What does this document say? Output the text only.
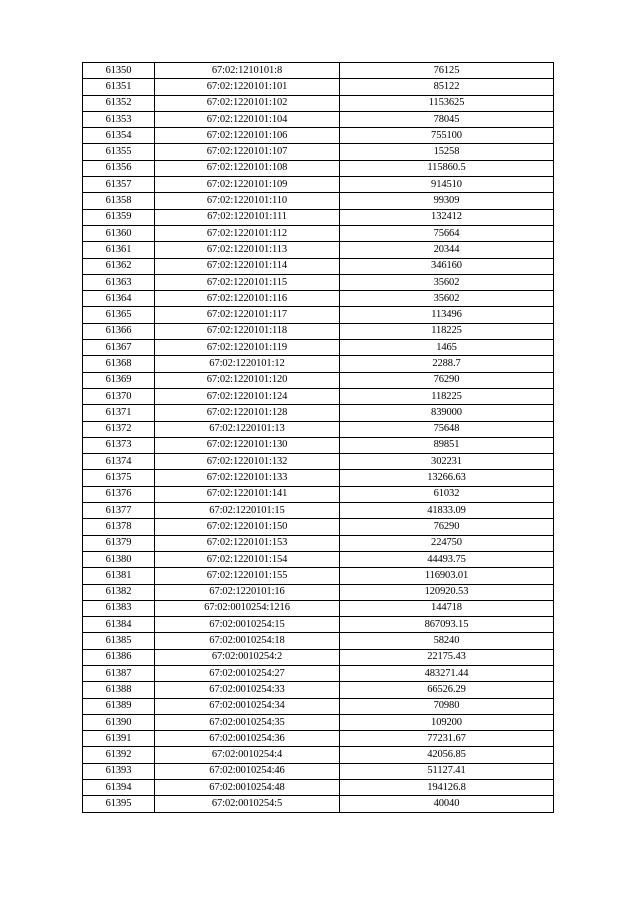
61350	67:02:1210101:8	76125
61351	67:02:1220101:101	85122
61352	67:02:1220101:102	1153625
61353	67:02:1220101:104	78045
61354	67:02:1220101:106	755100
61355	67:02:1220101:107	15258
61356	67:02:1220101:108	115860.5
61357	67:02:1220101:109	914510
61358	67:02:1220101:110	99309
61359	67:02:1220101:111	132412
61360	67:02:1220101:112	75664
61361	67:02:1220101:113	20344
61362	67:02:1220101:114	346160
61363	67:02:1220101:115	35602
61364	67:02:1220101:116	35602
61365	67:02:1220101:117	113496
61366	67:02:1220101:118	118225
61367	67:02:1220101:119	1465
61368	67:02:1220101:12	2288.7
61369	67:02:1220101:120	76290
61370	67:02:1220101:124	118225
61371	67:02:1220101:128	839000
61372	67:02:1220101:13	75648
61373	67:02:1220101:130	89851
61374	67:02:1220101:132	302231
61375	67:02:1220101:133	13266.63
61376	67:02:1220101:141	61032
61377	67:02:1220101:15	41833.09
61378	67:02:1220101:150	76290
61379	67:02:1220101:153	224750
61380	67:02:1220101:154	44493.75
61381	67:02:1220101:155	116903.01
61382	67:02:1220101:16	120920.53
61383	67:02:0010254:1216	144718
61384	67:02:0010254:15	867093.15
61385	67:02:0010254:18	58240
61386	67:02:0010254:2	22175.43
61387	67:02:0010254:27	483271.44
61388	67:02:0010254:33	66526.29
61389	67:02:0010254:34	70980
61390	67:02:0010254:35	109200
61391	67:02:0010254:36	77231.67
61392	67:02:0010254:4	42056.85
61393	67:02:0010254:46	51127.41
61394	67:02:0010254:48	194126.8
61395	67:02:0010254:5	40040
